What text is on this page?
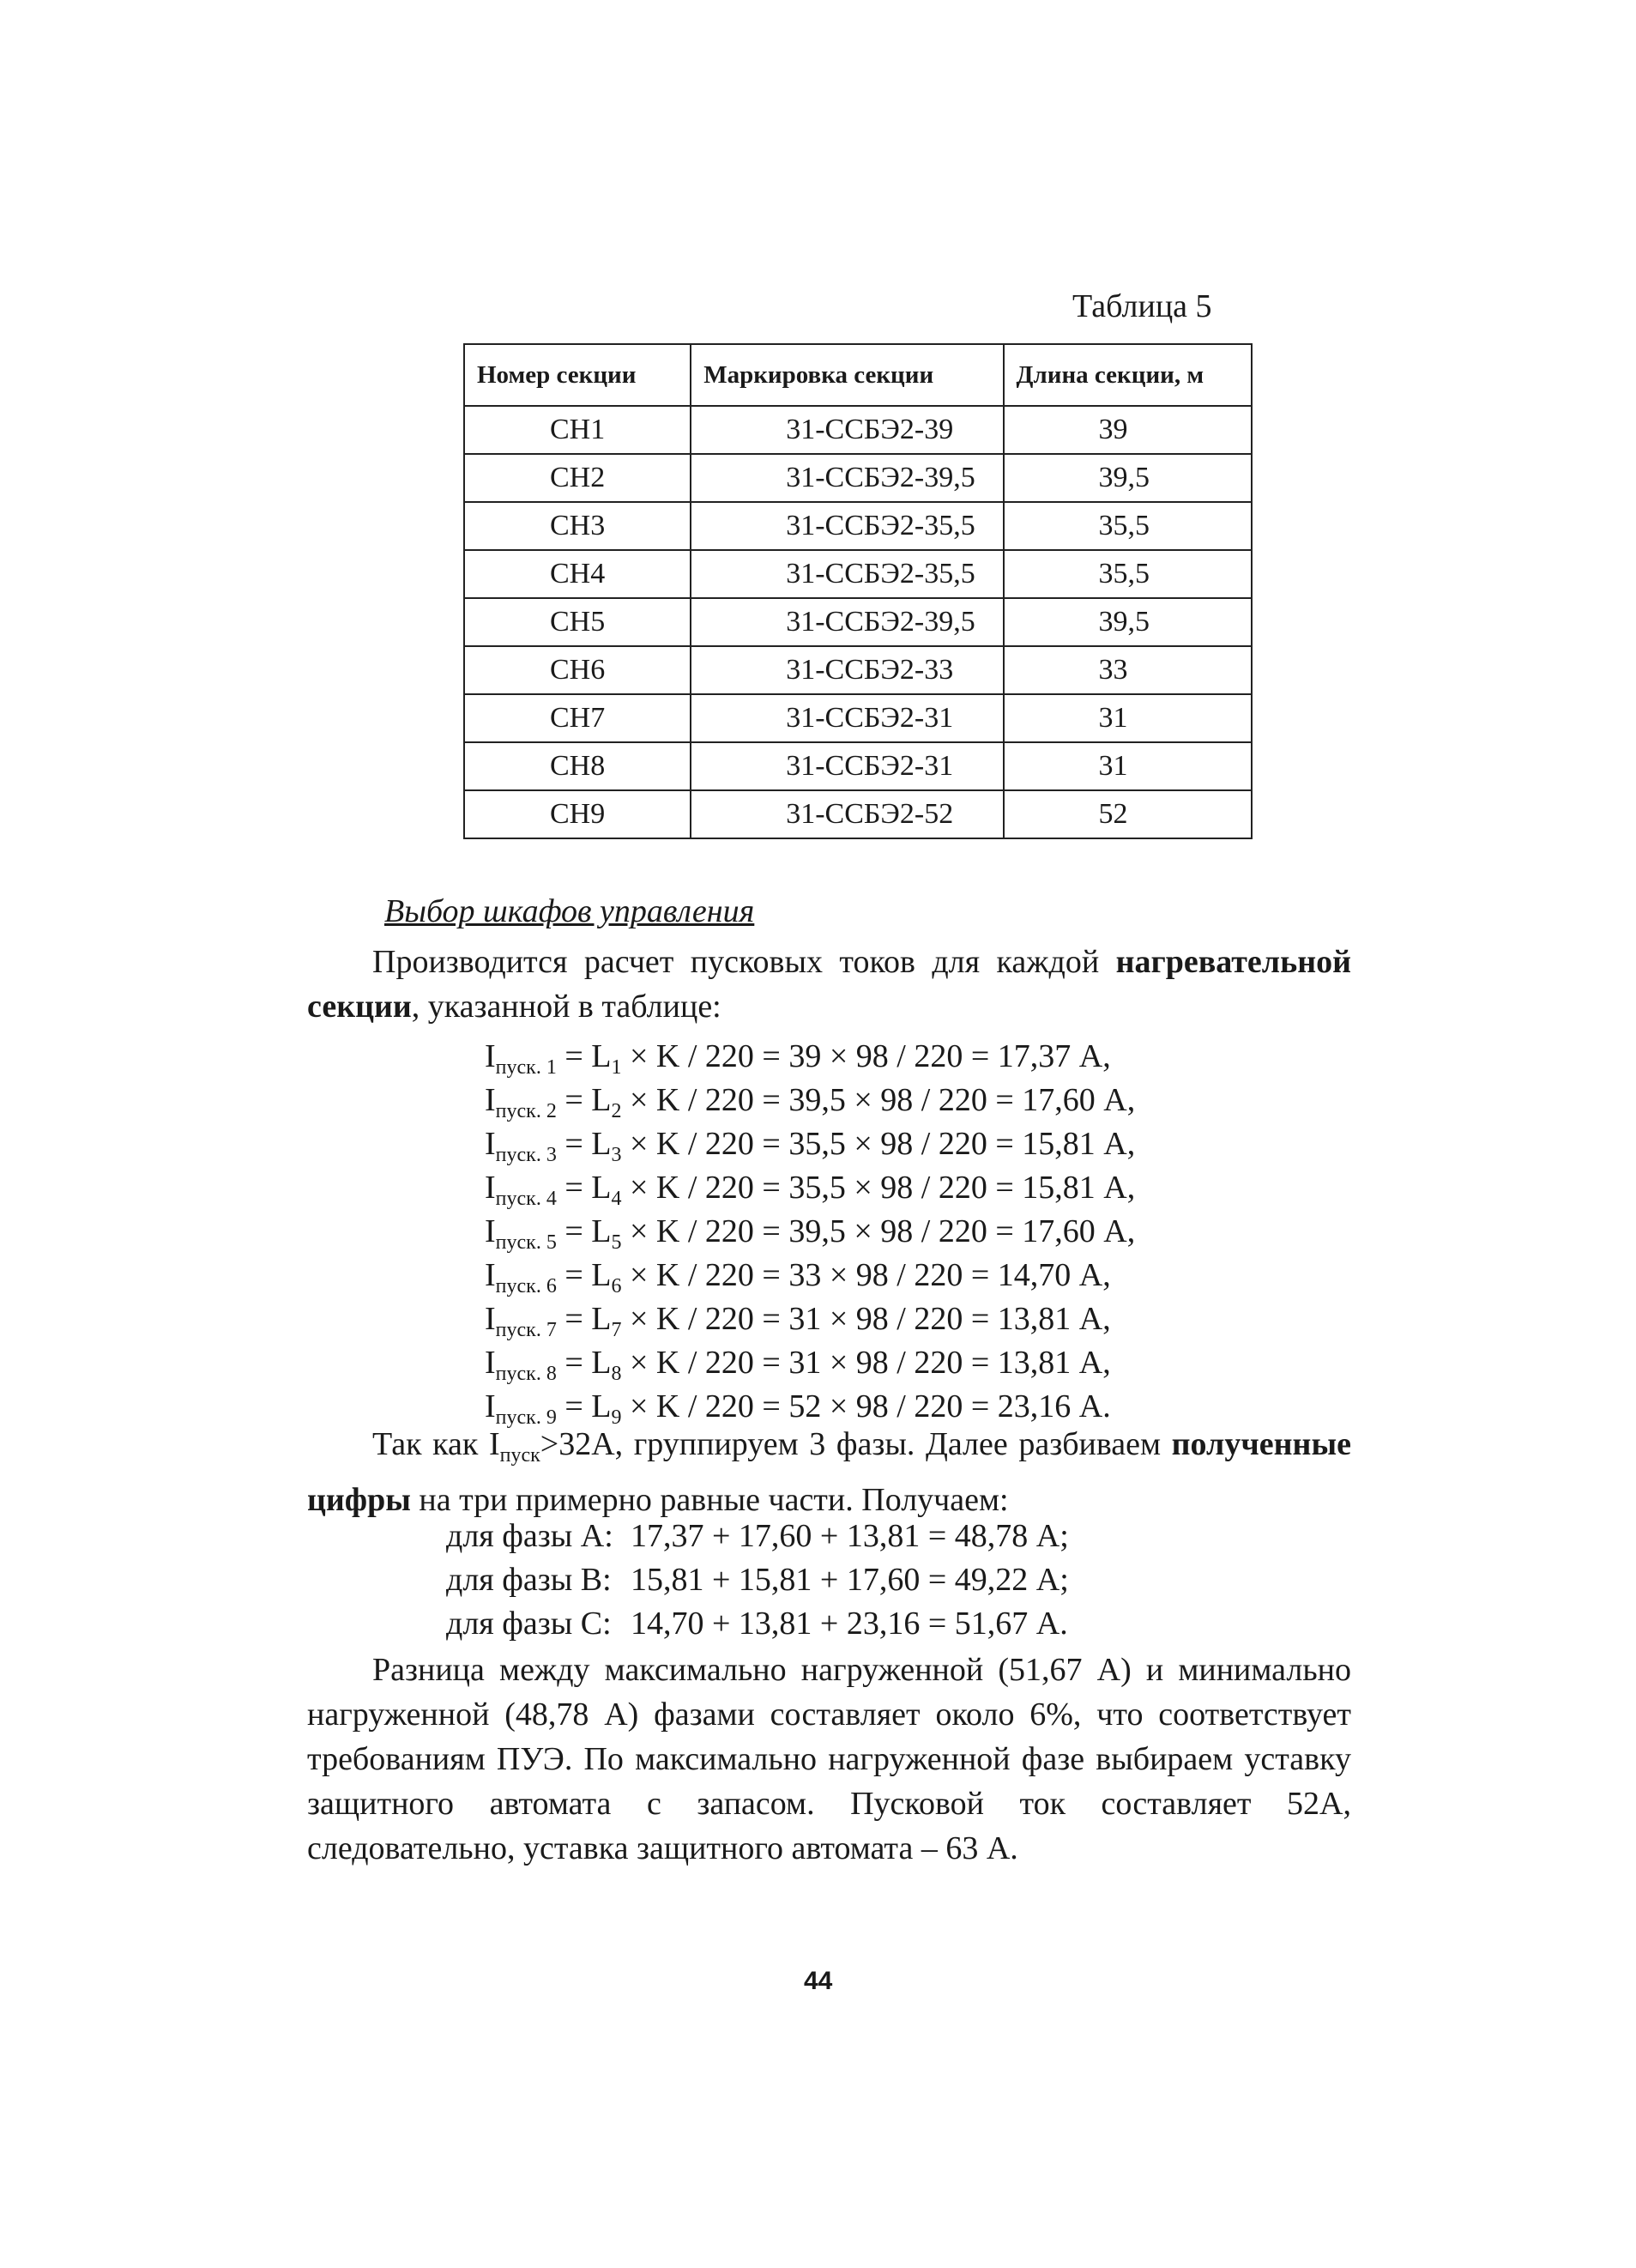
Таблица 5
Номер секции	Маркировка секции	Длина секции, м
СН1	31-ССБЭ2-39	39
СН2	31-ССБЭ2-39,5	39,5
СН3	31-ССБЭ2-35,5	35,5
СН4	31-ССБЭ2-35,5	35,5
СН5	31-ССБЭ2-39,5	39,5
СН6	31-ССБЭ2-33	33
СН7	31-ССБЭ2-31	31
СН8	31-ССБЭ2-31	31
СН9	31-ССБЭ2-52	52
Выбор шкафов управления
  Производится расчет пусковых токов для каждой нагревательной секции, указанной в таблице:
$I_{пуск. 1} = L_1 \times K / 220 = 39 \times 98 / 220 = 17,37$ А,
$I_{пуск. 2} = L_2 \times K / 220 = 39,5 \times 98 / 220 = 17,60$ А,
$I_{пуск. 3} = L_3 \times K / 220 = 35,5 \times 98 / 220 = 15,81$ А,
$I_{пуск. 4} = L_4 \times K / 220 = 35,5 \times 98 / 220 = 15,81$ А,
$I_{пуск. 5} = L_5 \times K / 220 = 39,5 \times 98 / 220 = 17,60$ А,
$I_{пуск. 6} = L_6 \times K / 220 = 33 \times 98 / 220 = 14,70$ А,
$I_{пуск. 7} = L_7 \times K / 220 = 31 \times 98 / 220 = 13,81$ А,
$I_{пуск. 8} = L_8 \times K / 220 = 31 \times 98 / 220 = 13,81$ А,
$I_{пуск. 9} = L_9 \times K / 220 = 52 \times 98 / 220 = 23,16$ А.
  Так как $I_{пуск}>32А$, группируем 3 фазы. Далее разбиваем полученные цифры на три примерно равные части. Получаем:
для фазы А: 17,37 + 17,60 + 13,81 = 48,78 А;
для фазы В: 15,81 + 15,81 + 17,60 = 49,22 А;
для фазы С: 14,70 + 13,81 + 23,16 = 51,67 А.
  Разница между максимально нагруженной (51,67 А) и минимально нагруженной (48,78 А) фазами составляет около 6%, что соответствует требованиям ПУЭ. По максимально нагруженной фазе выбираем уставку защитного автомата с запасом. Пусковой ток составляет 52А, следовательно, уставка защитного автомата – 63 А.
44
